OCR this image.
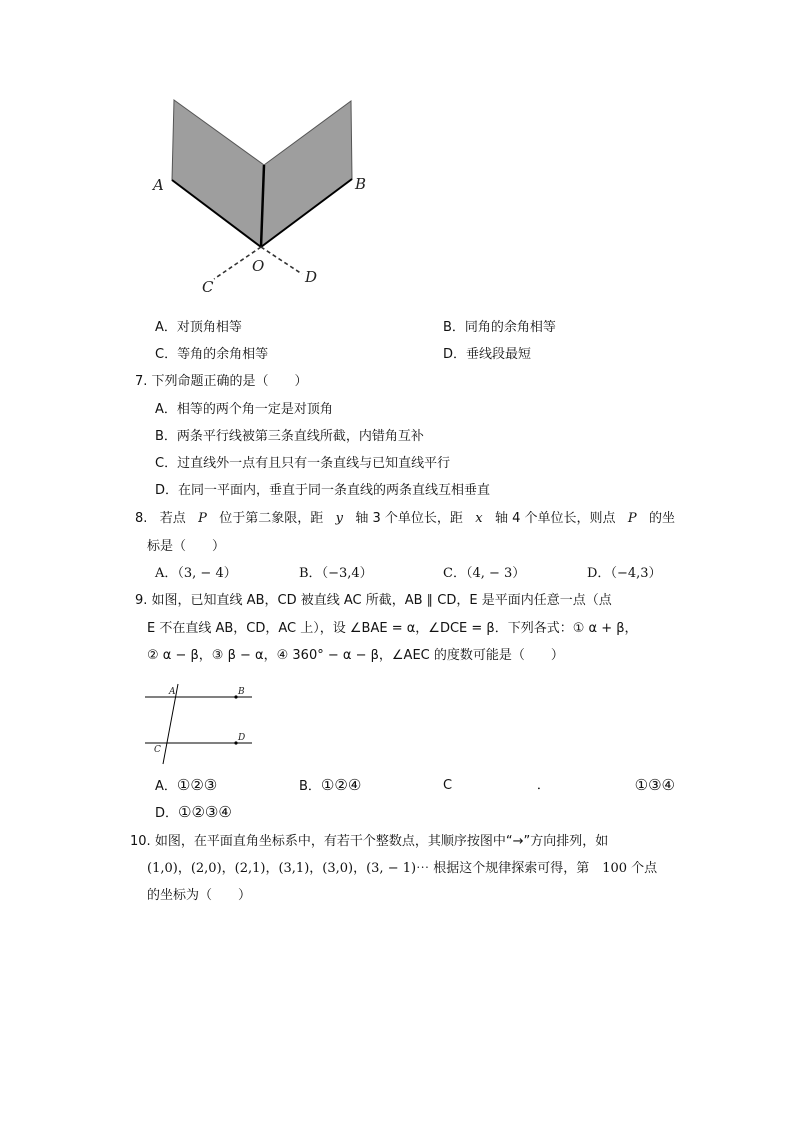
A	B
C
D
O
A．对顶角相等	B．同角的余角相等
C．等角的余角相等	D．垂线段最短
7. 下列命题正确的是（　　）
A．相等的两个角一定是对顶角
B．两条平行线被第三条直线所截，内错角互补
C．过直线外一点有且只有一条直线与已知直线平行
D．在同一平面内，垂直于同一条直线的两条直线互相垂直
8. 若点 P 位于第二象限，距 y 轴 3 个单位长，距 x 轴 4 个单位长，则点 P 的坐
标是（　　）
A．（3, − 4）	B．（−3,4）	C．（4, − 3）	D．（−4,3）
9. 如图，已知直线 AB，CD 被直线 AC 所截，AB ∥ CD，E 是平面内任意一点（点
E 不在直线 AB，CD，AC 上），设 ∠BAE = α，∠DCE = β．下列各式：① α + β，
② α − β，③ β − α，④ 360° − α − β，∠AEC 的度数可能是（　　）
A	B
C
D
A．①②③	B．①②④	C	．	①③④
D．①②③④
10. 如图，在平面直角坐标系中，有若干个整数点，其顺序按图中“→”方向排列，如
(1,0)，(2,0)，(2,1)，(3,1)，(3,0)，(3, − 1)⋯ 根据这个规律探索可得，第　100 个点
的坐标为（　　）
